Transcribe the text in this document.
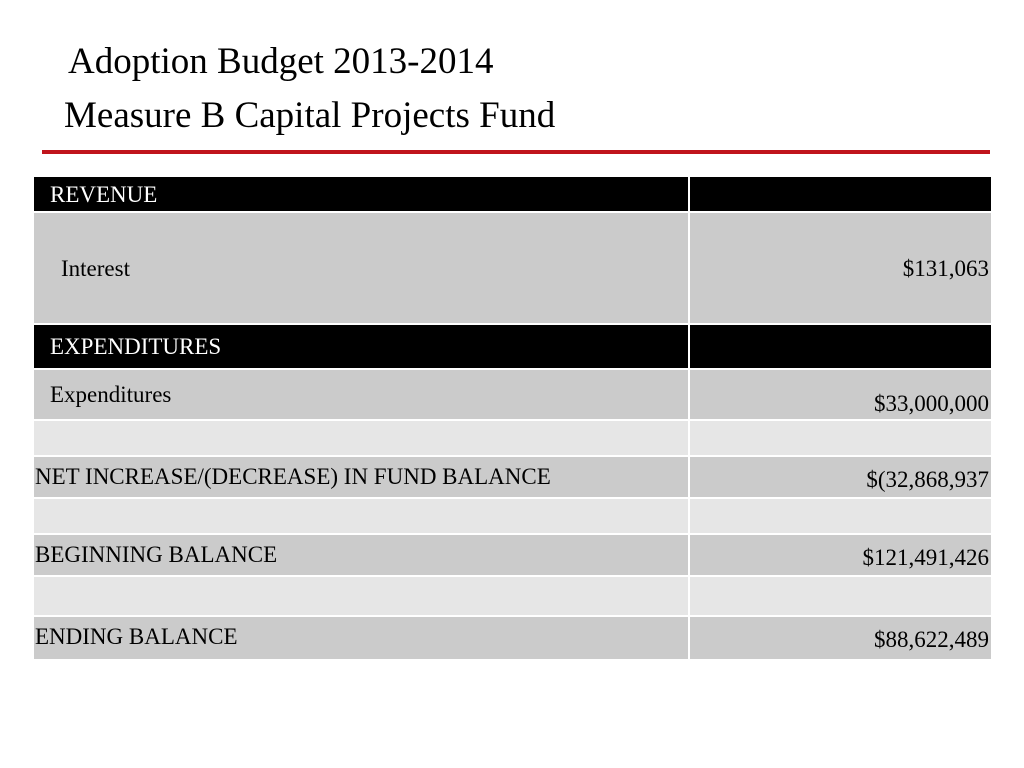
Adoption Budget 2013-2014
Measure B Capital Projects Fund
REVENUE
Interest	$131,063
EXPENDITURES
Expenditures	$33,000,000
NET INCREASE/(DECREASE) IN FUND BALANCE	$(32,868,937
BEGINNING BALANCE	$121,491,426
ENDING BALANCE	$88,622,489
